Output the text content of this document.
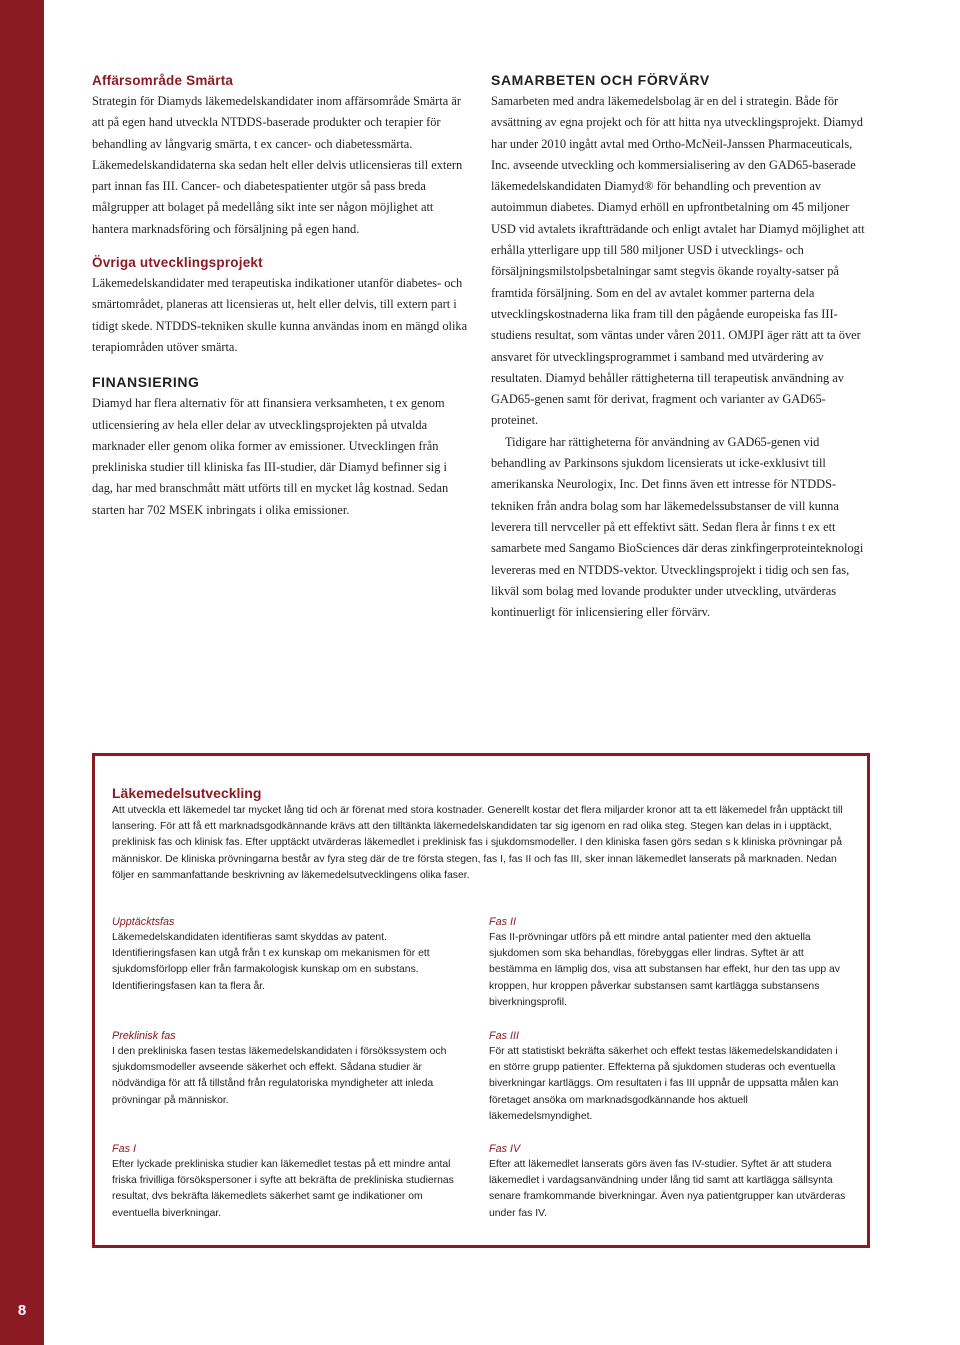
8
Affärsområde Smärta

Strategin för Diamyds läkemedelskandidater inom affärsområde Smärta är att på egen hand utveckla NTDDS-baserade produkter och terapier för behandling av långvarig smärta, t ex cancer- och diabetessmärta. Läkemedelskandidaterna ska sedan helt eller delvis utlicensieras till extern part innan fas III. Cancer- och diabetespatienter utgör så pass breda målgrupper att bolaget på medellång sikt inte ser någon möjlighet att hantera marknadsföring och försäljning på egen hand.

Övriga utvecklingsprojekt

Läkemedelskandidater med terapeutiska indikationer utanför diabetes- och smärtområdet, planeras att licensieras ut, helt eller delvis, till extern part i tidigt skede. NTDDS-tekniken skulle kunna användas inom en mängd olika terapiområden utöver smärta.

FINANSIERING

Diamyd har flera alternativ för att finansiera verksamheten, t ex genom utlicensiering av hela eller delar av utvecklingsprojekten på utvalda marknader eller genom olika former av emissioner. Utvecklingen från prekliniska studier till kliniska fas III-studier, där Diamyd befinner sig i dag, har med branschmått mätt utförts till en mycket låg kostnad. Sedan starten har 702 MSEK inbringats i olika emissioner.

SAMARBETEN OCH FÖRVÄRV

Samarbeten med andra läkemedelsbolag är en del i strategin. Både för avsättning av egna projekt och för att hitta nya utvecklingsprojekt. Diamyd har under 2010 ingått avtal med Ortho-McNeil-Janssen Pharmaceuticals, Inc. avseende utveckling och kommersialisering av den GAD65-baserade läkemedelskandidaten Diamyd® för behandling och prevention av autoimmun diabetes. Diamyd erhöll en upfrontbetalning om 45 miljoner USD vid avtalets ikraftträdande och enligt avtalet har Diamyd möjlighet att erhålla ytterligare upp till 580 miljoner USD i utvecklings- och försäljningsmilstolpsbetalningar samt stegvis ökande royalty-satser på framtida försäljning. Som en del av avtalet kommer parterna dela utvecklingskostnaderna lika fram till den pågående europeiska fas III-studiens resultat, som väntas under våren 2011. OMJPI äger rätt att ta över ansvaret för utvecklingsprogrammet i samband med utvärdering av resultaten. Diamyd behåller rättigheterna till terapeutisk användning av GAD65-genen samt för derivat, fragment och varianter av GAD65-proteinet.

Tidigare har rättigheterna för användning av GAD65-genen vid behandling av Parkinsons sjukdom licensierats ut icke-exklusivt till amerikanska Neurologix, Inc. Det finns även ett intresse för NTDDS-tekniken från andra bolag som har läkemedelssubstanser de vill kunna leverera till nervceller på ett effektivt sätt. Sedan flera år finns t ex ett samarbete med Sangamo BioSciences där deras zinkfingerproteinteknologi levereras med en NTDDS-vektor. Utvecklingsprojekt i tidig och sen fas, likväl som bolag med lovande produkter under utveckling, utvärderas kontinuerligt för inlicensiering eller förvärv.

Läkemedelsutveckling

Att utveckla ett läkemedel tar mycket lång tid och är förenat med stora kostnader. Generellt kostar det flera miljarder kronor att ta ett läkemedel från upptäckt till lansering. För att få ett marknadsgodkännande krävs att den tilltänkta läkemedelskandidaten tar sig igenom en rad olika steg. Stegen kan delas in i upptäckt, preklinisk fas och klinisk fas. Efter upptäckt utvärderas läkemedlet i preklinisk fas i sjukdomsmodeller. I den kliniska fasen görs sedan s k kliniska prövningar på människor. De kliniska prövningarna består av fyra steg där de tre första stegen, fas I, fas II och fas III, sker innan läkemedlet lanserats på marknaden. Nedan följer en sammanfattande beskrivning av läkemedelsutvecklingens olika faser.

Upptäcktsfas

Läkemedelskandidaten identifieras samt skyddas av patent. Identifieringsfasen kan utgå från t ex kunskap om mekanismen för ett sjukdomsförlopp eller från farmakologisk kunskap om en substans. Identifieringsfasen kan ta flera år.

Preklinisk fas

I den prekliniska fasen testas läkemedelskandidaten i försökssystem och sjukdomsmodeller avseende säkerhet och effekt. Sådana studier är nödvändiga för att få tillstånd från regulatoriska myndigheter att inleda prövningar på människor.

Fas I

Efter lyckade prekliniska studier kan läkemedlet testas på ett mindre antal friska frivilliga försökspersoner i syfte att bekräfta de prekliniska studiernas resultat, dvs bekräfta läkemedlets säkerhet samt ge indikationer om eventuella biverkningar.

Fas II

Fas II-prövningar utförs på ett mindre antal patienter med den aktuella sjukdomen som ska behandlas, förebyggas eller lindras. Syftet är att bestämma en lämplig dos, visa att substansen har effekt, hur den tas upp av kroppen, hur kroppen påverkar substansen samt kartlägga substansens biverkningsprofil.

Fas III

För att statistiskt bekräfta säkerhet och effekt testas läkemedelskandidaten i en större grupp patienter. Effekterna på sjukdomen studeras och eventuella biverkningar kartläggs. Om resultaten i fas III uppnår de uppsatta målen kan företaget ansöka om marknadsgodkännande hos aktuell läkemedelsmyndighet.

Fas IV

Efter att läkemedlet lanserats görs även fas IV-studier. Syftet är att studera läkemedlet i vardagsanvändning under lång tid samt att kartlägga sällsynta senare framkommande biverkningar. Även nya patientgrupper kan utvärderas under fas IV.
